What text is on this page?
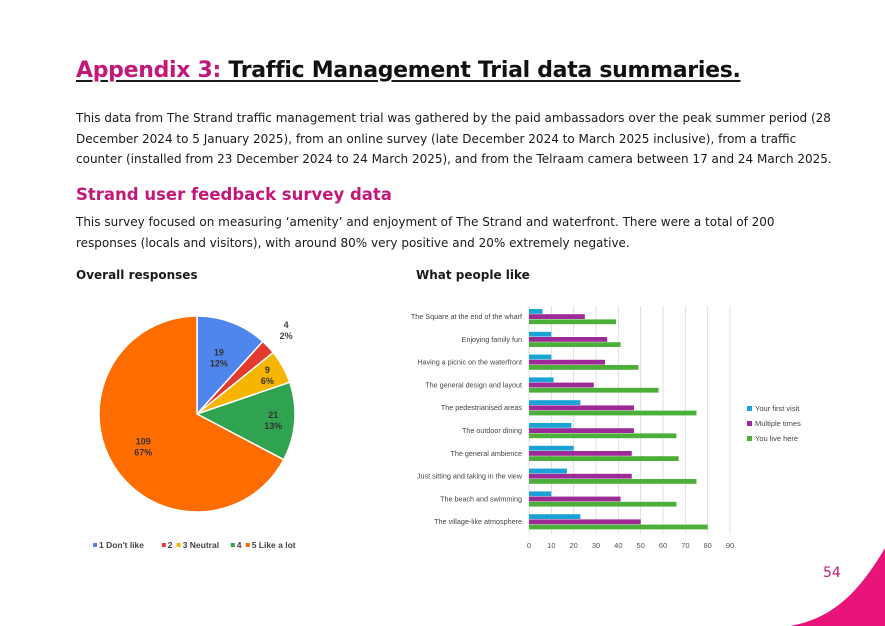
Appendix 3: Traffic Management Trial data summaries.

This data from The Strand traffic management trial was gathered by the paid ambassadors over the peak summer period (28 December 2024 to 5 January 2025), from an online survey (late December 2024 to March 2025 inclusive), from a traffic counter (installed from 23 December 2024 to 24 March 2025), and from the Telraam camera between 17 and 24 March 2025.

Strand user feedback survey data

This survey focused on measuring ‘amenity’ and enjoyment of The Strand and waterfront. There were a total of 200 responses (locals and visitors), with around 80% very positive and 20% extremely negative.

Overall responses	What people like

19
12%
4
2%
9
6%
21
13%
109
67%
1 Don't like	2 3 Neutral 4 5 Like a lot	0 10 20 30 40 50 60 70 80 90
The Square at the end of the wharf
Enjoying family fun
Having a picnic on the waterfront
The general design and layout
The pedestrianised areas
The outdoor dining
The general ambience
Just sitting and taking in the view
The beach and swimming
The village-like atmosphere
Your first visit
Multiple times
You live here
54
